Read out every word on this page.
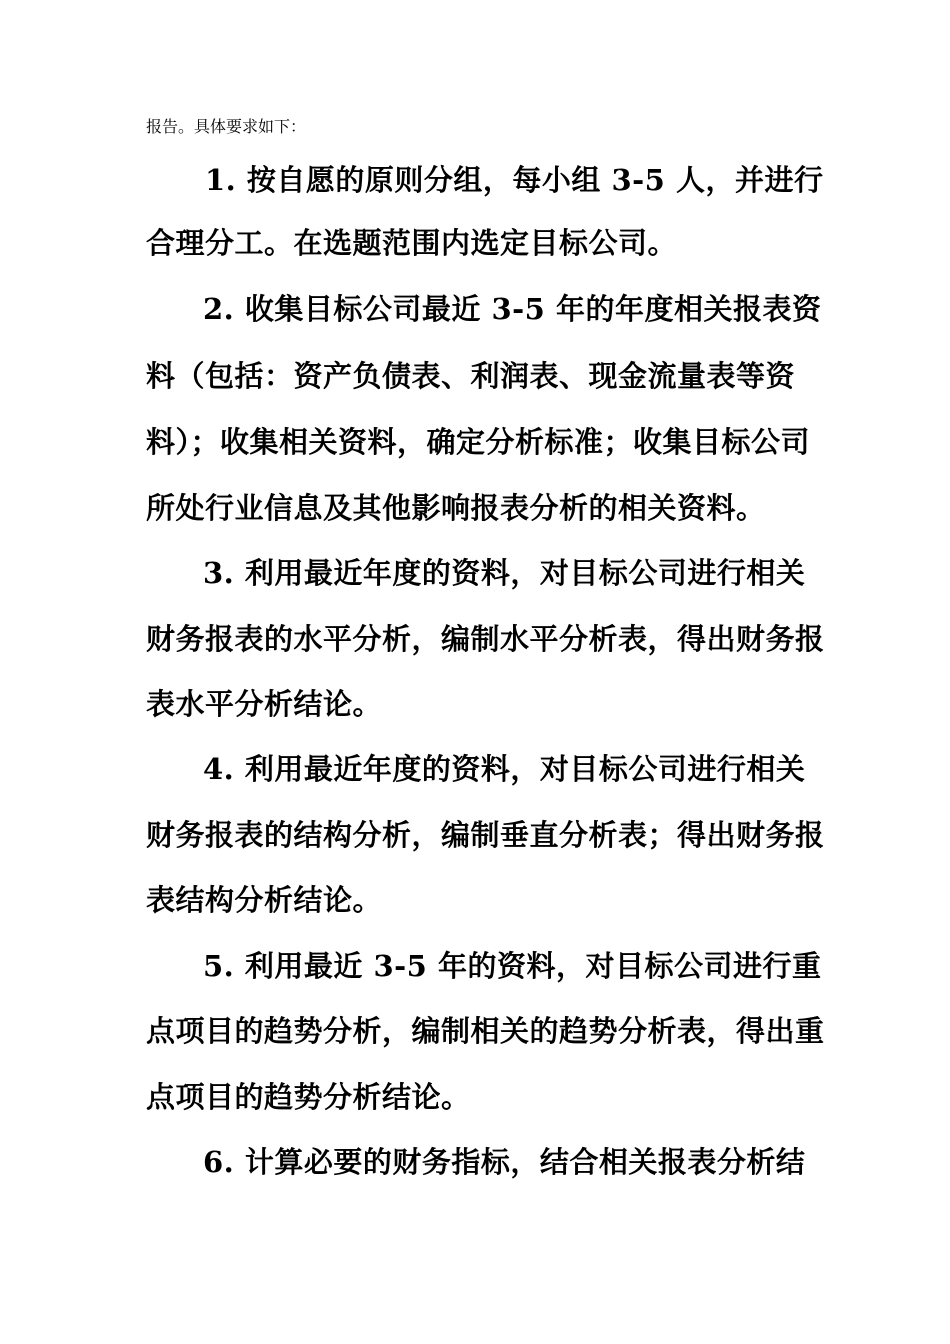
报告。具体要求如下：
1. 按自愿的原则分组，每小组 3-5 人，并进行
合理分工。在选题范围内选定目标公司。
2. 收集目标公司最近 3-5 年的年度相关报表资
料（包括：资产负债表、利润表、现金流量表等资
料）；收集相关资料，确定分析标准；收集目标公司
所处行业信息及其他影响报表分析的相关资料。
3. 利用最近年度的资料，对目标公司进行相关
财务报表的水平分析，编制水平分析表，得出财务报
表水平分析结论。
4. 利用最近年度的资料，对目标公司进行相关
财务报表的结构分析，编制垂直分析表；得出财务报
表结构分析结论。
5. 利用最近 3-5 年的资料，对目标公司进行重
点项目的趋势分析，编制相关的趋势分析表，得出重
点项目的趋势分析结论。
6. 计算必要的财务指标，结合相关报表分析结
